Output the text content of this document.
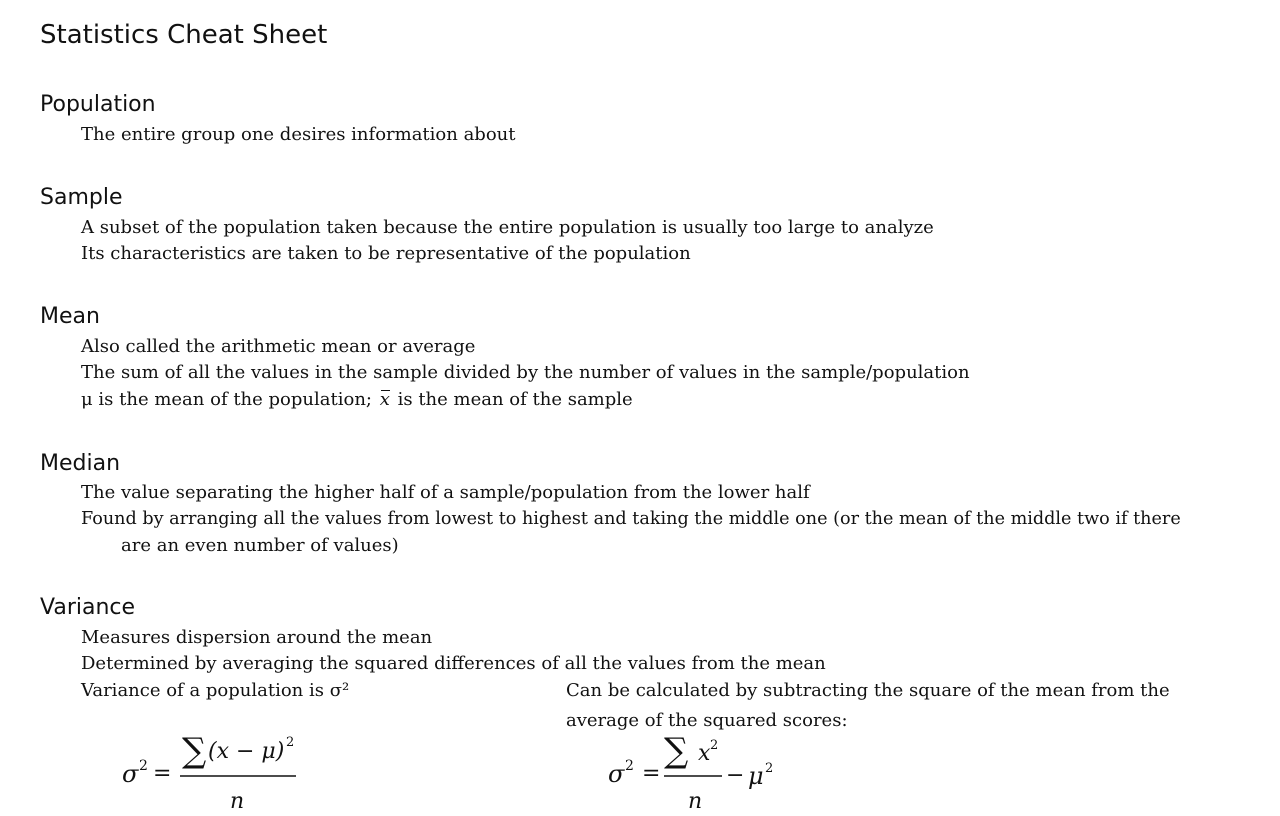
Statistics Cheat Sheet
Population
The entire group one desires information about
Sample
A subset of the population taken because the entire population is usually too large to analyze
Its characteristics are taken to be representative of the population
Mean
Also called the arithmetic mean or average
The sum of all the values in the sample divided by the number of values in the sample/population
μ is the mean of the population; x is the mean of the sample
Median
The value separating the higher half of a sample/population from the lower half
Found by arranging all the values from lowest to highest and taking the middle one (or the mean of the middle two if there
are an even number of values)
Variance
Measures dispersion around the mean
Determined by averaging the squared differences of all the values from the mean
Variance of a population is σ²	Can be calculated by subtracting the square of the mean from the
average of the squared scores:
σ 2 =
∑ (x − μ) 2
n
σ 2 =
∑ x 2
n
− μ 2
